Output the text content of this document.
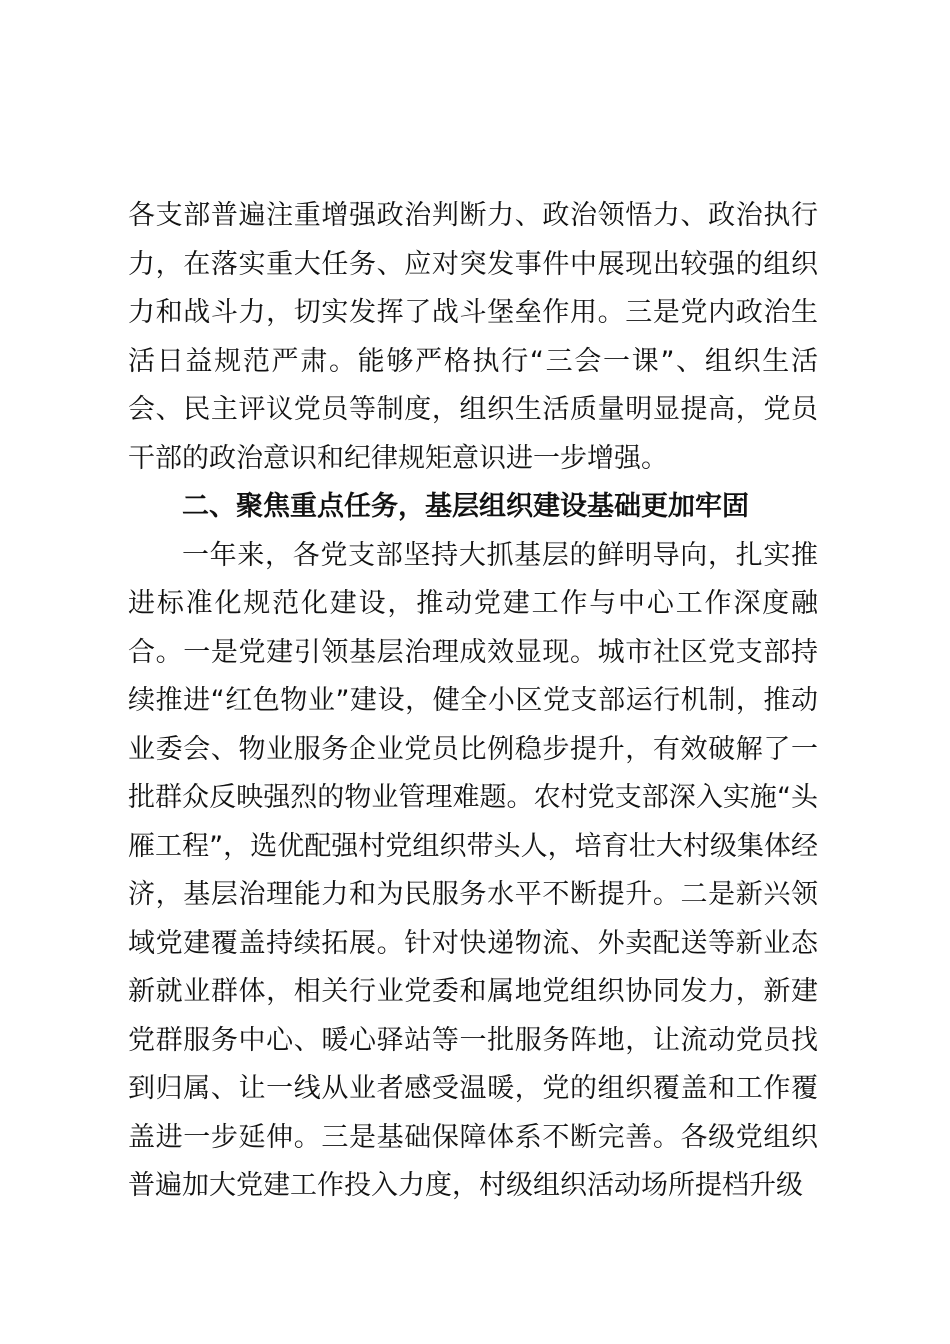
各支部普遍注重增强政治判断力、政治领悟力、政治执行力，在落实重大任务、应对突发事件中展现出较强的组织力和战斗力，切实发挥了战斗堡垒作用。三是党内政治生活日益规范严肃。能够严格执行“三会一课”、组织生活会、民主评议党员等制度，组织生活质量明显提高，党员干部的政治意识和纪律规矩意识进一步增强。

二、聚焦重点任务，基层组织建设基础更加牢固

一年来，各党支部坚持大抓基层的鲜明导向，扎实推进标准化规范化建设，推动党建工作与中心工作深度融合。一是党建引领基层治理成效显现。城市社区党支部持续推进“红色物业”建设，健全小区党支部运行机制，推动业委会、物业服务企业党员比例稳步提升，有效破解了一批群众反映强烈的物业管理难题。农村党支部深入实施“头雁工程”，选优配强村党组织带头人，培育壮大村级集体经济，基层治理能力和为民服务水平不断提升。二是新兴领域党建覆盖持续拓展。针对快递物流、外卖配送等新业态新就业群体，相关行业党委和属地党组织协同发力，新建党群服务中心、暖心驿站等一批服务阵地，让流动党员找到归属、让一线从业者感受温暖，党的组织覆盖和工作覆盖进一步延伸。三是基础保障体系不断完善。各级党组织普遍加大党建工作投入力度，村级组织活动场所提档升级
